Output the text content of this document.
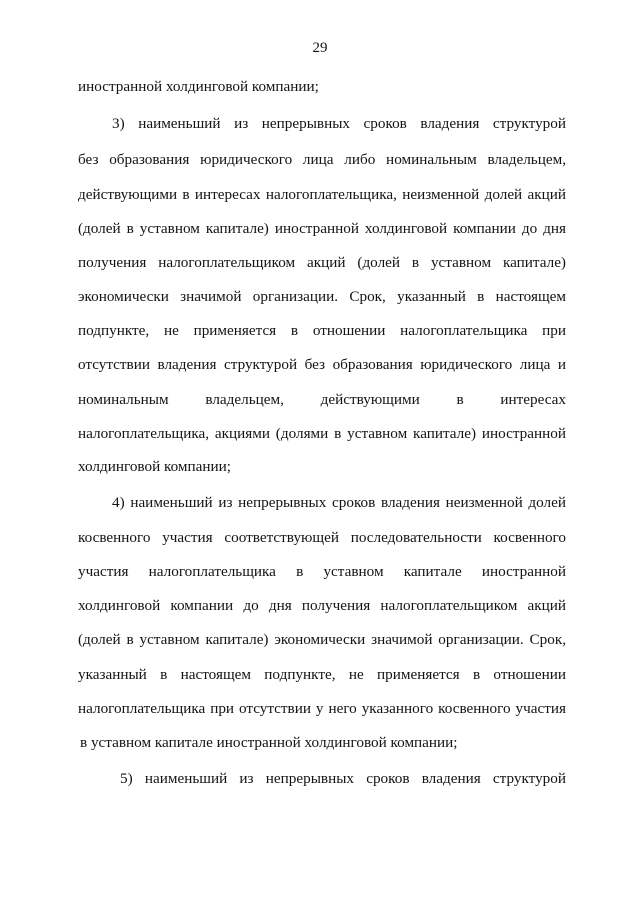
29
иностранной холдинговой компании;
3) наименьший из непрерывных сроков владения структурой
без образования юридического лица либо номинальным владельцем,
действующими в интересах налогоплательщика, неизменной долей акций
(долей в уставном капитале) иностранной холдинговой компании до дня
получения налогоплательщиком акций (долей в уставном капитале)
экономически значимой организации. Срок, указанный в настоящем
подпункте, не применяется в отношении налогоплательщика при
отсутствии владения структурой без образования юридического лица и
номинальным владельцем, действующими в интересах
налогоплательщика, акциями (долями в уставном капитале) иностранной
холдинговой компании;
4) наименьший из непрерывных сроков владения неизменной долей
косвенного участия соответствующей последовательности косвенного
участия налогоплательщика в уставном капитале иностранной
холдинговой компании до дня получения налогоплательщиком акций
(долей в уставном капитале) экономически значимой организации. Срок,
указанный в настоящем подпункте, не применяется в отношении
налогоплательщика при отсутствии у него указанного косвенного участия
в уставном капитале иностранной холдинговой компании;
5) наименьший из непрерывных сроков владения структурой
